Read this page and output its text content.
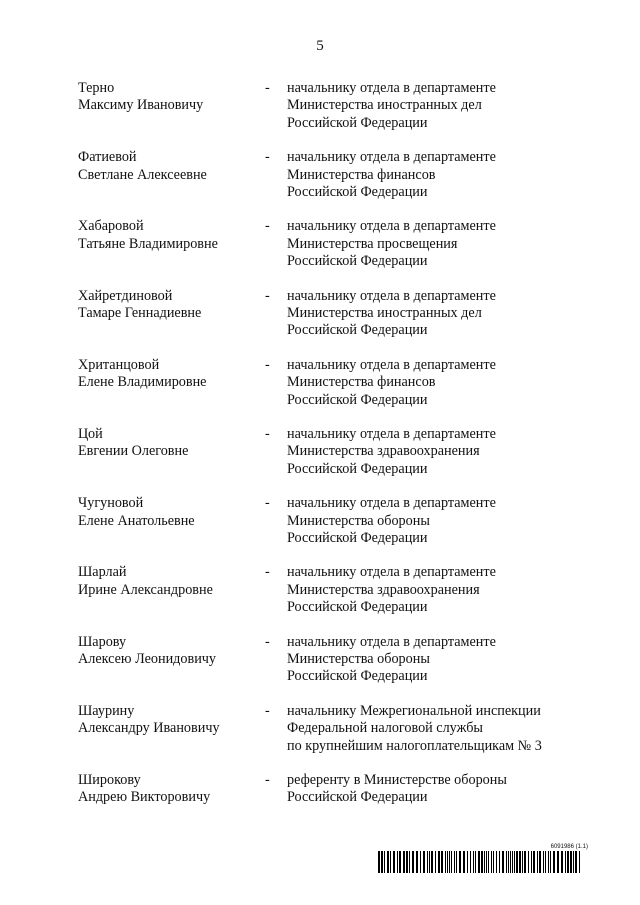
5
Терно
Максиму Ивановичу
-	начальнику отдела в департаменте
Министерства иностранных дел
Российской Федерации
Фатиевой
Светлане Алексеевне
-	начальнику отдела в департаменте
Министерства финансов
Российской Федерации
Хабаровой
Татьяне Владимировне
-	начальнику отдела в департаменте
Министерства просвещения
Российской Федерации
Хайретдиновой
Тамаре Геннадиевне
-	начальнику отдела в департаменте
Министерства иностранных дел
Российской Федерации
Хританцовой
Елене Владимировне
-	начальнику отдела в департаменте
Министерства финансов
Российской Федерации
Цой
Евгении Олеговне
-	начальнику отдела в департаменте
Министерства здравоохранения
Российской Федерации
Чугуновой
Елене Анатольевне
-	начальнику отдела в департаменте
Министерства обороны
Российской Федерации
Шарлай
Ирине Александровне
-	начальнику отдела в департаменте
Министерства здравоохранения
Российской Федерации
Шарову
Алексею Леонидовичу
-	начальнику отдела в департаменте
Министерства обороны
Российской Федерации
Шаурину
Александру Ивановичу
-	начальнику Межрегиональной инспекции
Федеральной налоговой службы
по крупнейшим налогоплательщикам № 3
Широкову
Андрею Викторовичу
-	референту в Министерстве обороны
Российской Федерации
6091986 (1.1)
